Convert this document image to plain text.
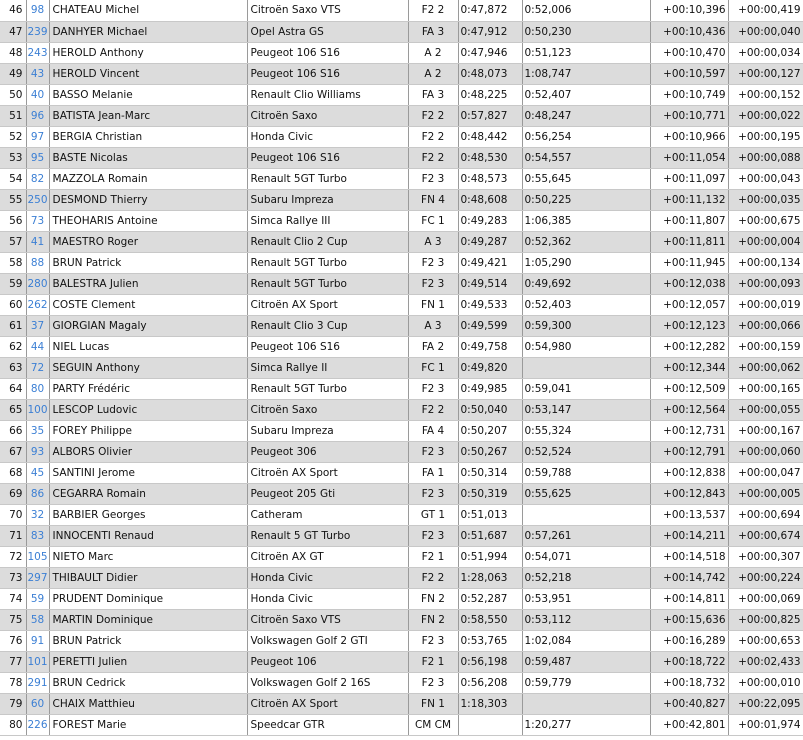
46	98	CHATEAU Michel	Citroën Saxo VTS	F2 2	0:47,872	0:52,006	+00:10,396	+00:00,419
47	239	DANHYER Michael	Opel Astra GS	FA 3	0:47,912	0:50,230	+00:10,436	+00:00,040
48	243	HEROLD Anthony	Peugeot 106 S16	A 2	0:47,946	0:51,123	+00:10,470	+00:00,034
49	43	HEROLD Vincent	Peugeot 106 S16	A 2	0:48,073	1:08,747	+00:10,597	+00:00,127
50	40	BASSO Melanie	Renault Clio Williams	FA 3	0:48,225	0:52,407	+00:10,749	+00:00,152
51	96	BATISTA Jean-Marc	Citroën Saxo	F2 2	0:57,827	0:48,247	+00:10,771	+00:00,022
52	97	BERGIA Christian	Honda Civic	F2 2	0:48,442	0:56,254	+00:10,966	+00:00,195
53	95	BASTE Nicolas	Peugeot 106 S16	F2 2	0:48,530	0:54,557	+00:11,054	+00:00,088
54	82	MAZZOLA Romain	Renault 5GT Turbo	F2 3	0:48,573	0:55,645	+00:11,097	+00:00,043
55	250	DESMOND Thierry	Subaru Impreza	FN 4	0:48,608	0:50,225	+00:11,132	+00:00,035
56	73	THEOHARIS Antoine	Simca Rallye III	FC 1	0:49,283	1:06,385	+00:11,807	+00:00,675
57	41	MAESTRO Roger	Renault Clio 2 Cup	A 3	0:49,287	0:52,362	+00:11,811	+00:00,004
58	88	BRUN Patrick	Renault 5GT Turbo	F2 3	0:49,421	1:05,290	+00:11,945	+00:00,134
59	280	BALESTRA Julien	Renault 5GT Turbo	F2 3	0:49,514	0:49,692	+00:12,038	+00:00,093
60	262	COSTE Clement	Citroën AX Sport	FN 1	0:49,533	0:52,403	+00:12,057	+00:00,019
61	37	GIORGIAN Magaly	Renault Clio 3 Cup	A 3	0:49,599	0:59,300	+00:12,123	+00:00,066
62	44	NIEL Lucas	Peugeot 106 S16	FA 2	0:49,758	0:54,980	+00:12,282	+00:00,159
63	72	SEGUIN Anthony	Simca Rallye II	FC 1	0:49,820		+00:12,344	+00:00,062
64	80	PARTY Frédéric	Renault 5GT Turbo	F2 3	0:49,985	0:59,041	+00:12,509	+00:00,165
65	100	LESCOP Ludovic	Citroën Saxo	F2 2	0:50,040	0:53,147	+00:12,564	+00:00,055
66	35	FOREY Philippe	Subaru Impreza	FA 4	0:50,207	0:55,324	+00:12,731	+00:00,167
67	93	ALBORS Olivier	Peugeot 306	F2 3	0:50,267	0:52,524	+00:12,791	+00:00,060
68	45	SANTINI Jerome	Citroën AX Sport	FA 1	0:50,314	0:59,788	+00:12,838	+00:00,047
69	86	CEGARRA Romain	Peugeot 205 Gti	F2 3	0:50,319	0:55,625	+00:12,843	+00:00,005
70	32	BARBIER Georges	Catheram	GT 1	0:51,013		+00:13,537	+00:00,694
71	83	INNOCENTI Renaud	Renault 5 GT Turbo	F2 3	0:51,687	0:57,261	+00:14,211	+00:00,674
72	105	NIETO Marc	Citroën AX GT	F2 1	0:51,994	0:54,071	+00:14,518	+00:00,307
73	297	THIBAULT Didier	Honda Civic	F2 2	1:28,063	0:52,218	+00:14,742	+00:00,224
74	59	PRUDENT Dominique	Honda Civic	FN 2	0:52,287	0:53,951	+00:14,811	+00:00,069
75	58	MARTIN Dominique	Citroën Saxo VTS	FN 2	0:58,550	0:53,112	+00:15,636	+00:00,825
76	91	BRUN Patrick	Volkswagen Golf 2 GTI	F2 3	0:53,765	1:02,084	+00:16,289	+00:00,653
77	101	PERETTI Julien	Peugeot 106	F2 1	0:56,198	0:59,487	+00:18,722	+00:02,433
78	291	BRUN Cedrick	Volkswagen Golf 2 16S	F2 3	0:56,208	0:59,779	+00:18,732	+00:00,010
79	60	CHAIX Matthieu	Citroën AX Sport	FN 1	1:18,303		+00:40,827	+00:22,095
80	226	FOREST Marie	Speedcar GTR	CM CM		1:20,277	+00:42,801	+00:01,974
